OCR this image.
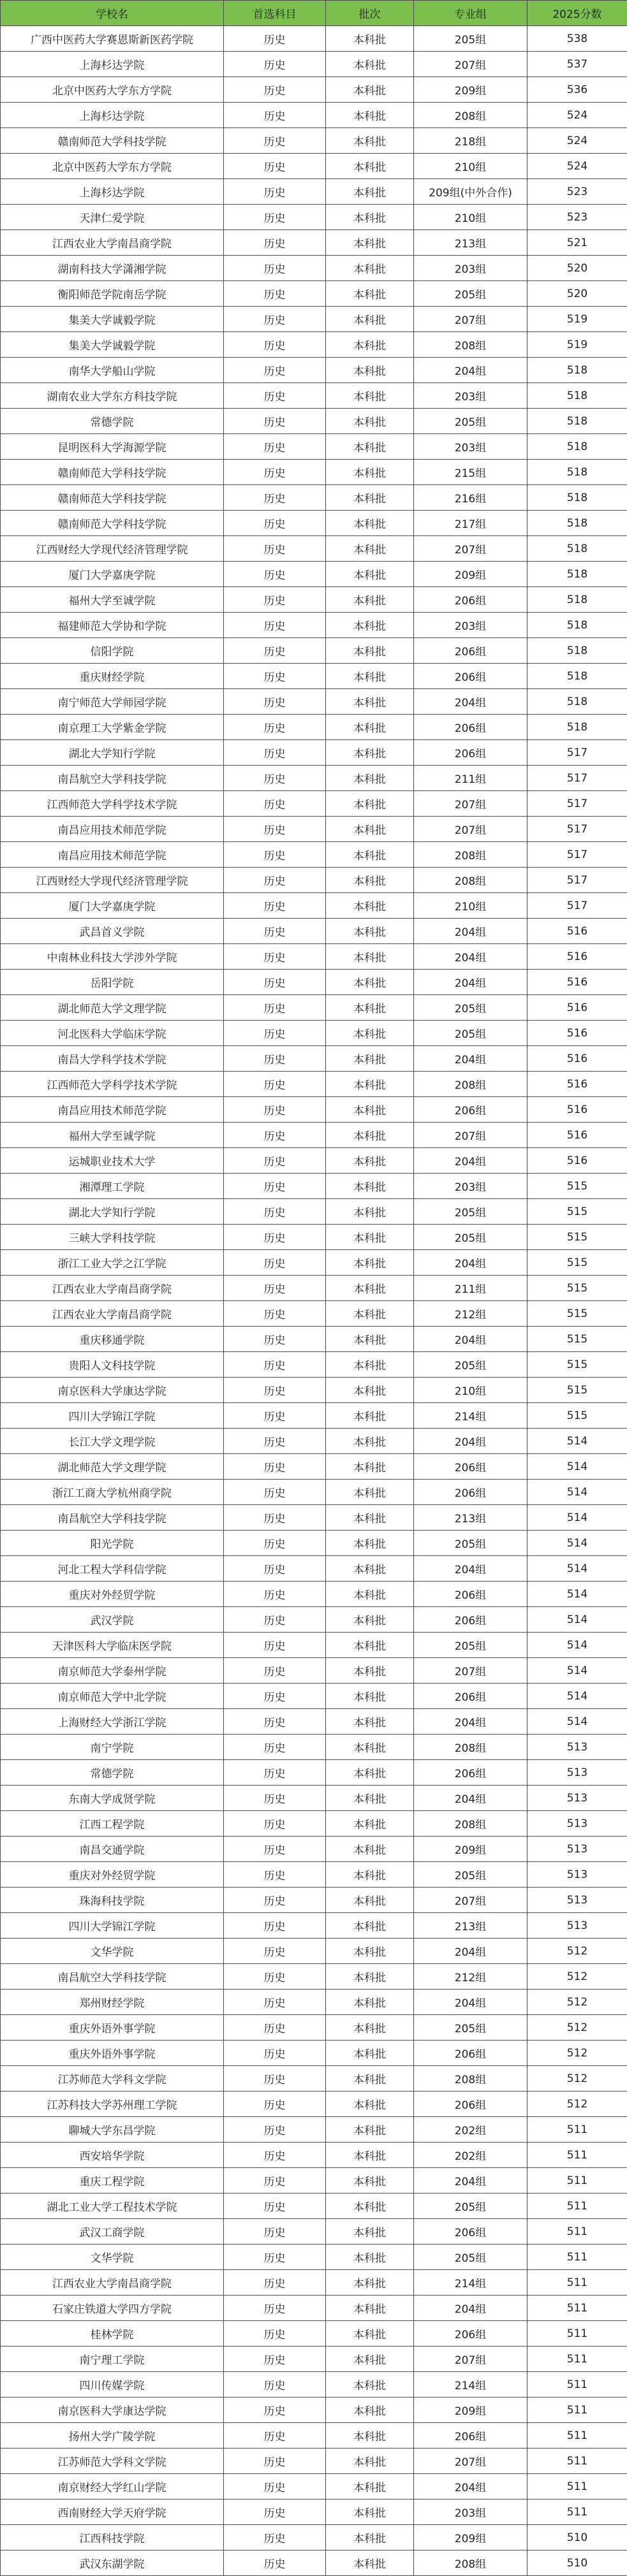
学校名	首选科目	批次	专业组	2025分数
广西中医药大学赛恩斯新医药学院	历史	本科批	205组	538
上海杉达学院	历史	本科批	207组	537
北京中医药大学东方学院	历史	本科批	209组	536
上海杉达学院	历史	本科批	208组	524
赣南师范大学科技学院	历史	本科批	218组	524
北京中医药大学东方学院	历史	本科批	210组	524
上海杉达学院	历史	本科批	209组(中外合作)	523
天津仁爱学院	历史	本科批	210组	523
江西农业大学南昌商学院	历史	本科批	213组	521
湖南科技大学潇湘学院	历史	本科批	203组	520
衡阳师范学院南岳学院	历史	本科批	205组	520
集美大学诚毅学院	历史	本科批	207组	519
集美大学诚毅学院	历史	本科批	208组	519
南华大学船山学院	历史	本科批	204组	518
湖南农业大学东方科技学院	历史	本科批	203组	518
常德学院	历史	本科批	205组	518
昆明医科大学海源学院	历史	本科批	203组	518
赣南师范大学科技学院	历史	本科批	215组	518
赣南师范大学科技学院	历史	本科批	216组	518
赣南师范大学科技学院	历史	本科批	217组	518
江西财经大学现代经济管理学院	历史	本科批	207组	518
厦门大学嘉庚学院	历史	本科批	209组	518
福州大学至诚学院	历史	本科批	206组	518
福建师范大学协和学院	历史	本科批	203组	518
信阳学院	历史	本科批	206组	518
重庆财经学院	历史	本科批	206组	518
南宁师范大学师园学院	历史	本科批	204组	518
南京理工大学紫金学院	历史	本科批	206组	518
湖北大学知行学院	历史	本科批	206组	517
南昌航空大学科技学院	历史	本科批	211组	517
江西师范大学科学技术学院	历史	本科批	207组	517
南昌应用技术师范学院	历史	本科批	207组	517
南昌应用技术师范学院	历史	本科批	208组	517
江西财经大学现代经济管理学院	历史	本科批	208组	517
厦门大学嘉庚学院	历史	本科批	210组	517
武昌首义学院	历史	本科批	204组	516
中南林业科技大学涉外学院	历史	本科批	204组	516
岳阳学院	历史	本科批	204组	516
湖北师范大学文理学院	历史	本科批	205组	516
河北医科大学临床学院	历史	本科批	205组	516
南昌大学科学技术学院	历史	本科批	204组	516
江西师范大学科学技术学院	历史	本科批	208组	516
南昌应用技术师范学院	历史	本科批	206组	516
福州大学至诚学院	历史	本科批	207组	516
运城职业技术大学	历史	本科批	204组	516
湘潭理工学院	历史	本科批	203组	515
湖北大学知行学院	历史	本科批	205组	515
三峡大学科技学院	历史	本科批	205组	515
浙江工业大学之江学院	历史	本科批	204组	515
江西农业大学南昌商学院	历史	本科批	211组	515
江西农业大学南昌商学院	历史	本科批	212组	515
重庆移通学院	历史	本科批	204组	515
贵阳人文科技学院	历史	本科批	205组	515
南京医科大学康达学院	历史	本科批	210组	515
四川大学锦江学院	历史	本科批	214组	515
长江大学文理学院	历史	本科批	204组	514
湖北师范大学文理学院	历史	本科批	206组	514
浙江工商大学杭州商学院	历史	本科批	206组	514
南昌航空大学科技学院	历史	本科批	213组	514
阳光学院	历史	本科批	205组	514
河北工程大学科信学院	历史	本科批	204组	514
重庆对外经贸学院	历史	本科批	206组	514
武汉学院	历史	本科批	206组	514
天津医科大学临床医学院	历史	本科批	205组	514
南京师范大学泰州学院	历史	本科批	207组	514
南京师范大学中北学院	历史	本科批	206组	514
上海财经大学浙江学院	历史	本科批	204组	514
南宁学院	历史	本科批	208组	513
常德学院	历史	本科批	206组	513
东南大学成贤学院	历史	本科批	204组	513
江西工程学院	历史	本科批	208组	513
南昌交通学院	历史	本科批	209组	513
重庆对外经贸学院	历史	本科批	205组	513
珠海科技学院	历史	本科批	207组	513
四川大学锦江学院	历史	本科批	213组	513
文华学院	历史	本科批	204组	512
南昌航空大学科技学院	历史	本科批	212组	512
郑州财经学院	历史	本科批	204组	512
重庆外语外事学院	历史	本科批	205组	512
重庆外语外事学院	历史	本科批	206组	512
江苏师范大学科文学院	历史	本科批	208组	512
江苏科技大学苏州理工学院	历史	本科批	206组	512
聊城大学东昌学院	历史	本科批	202组	511
西安培华学院	历史	本科批	202组	511
重庆工程学院	历史	本科批	204组	511
湖北工业大学工程技术学院	历史	本科批	205组	511
武汉工商学院	历史	本科批	206组	511
文华学院	历史	本科批	205组	511
江西农业大学南昌商学院	历史	本科批	214组	511
石家庄铁道大学四方学院	历史	本科批	204组	511
桂林学院	历史	本科批	206组	511
南宁理工学院	历史	本科批	207组	511
四川传媒学院	历史	本科批	214组	511
南京医科大学康达学院	历史	本科批	209组	511
扬州大学广陵学院	历史	本科批	206组	511
江苏师范大学科文学院	历史	本科批	207组	511
南京财经大学红山学院	历史	本科批	204组	511
西南财经大学天府学院	历史	本科批	203组	511
江西科技学院	历史	本科批	209组	510
武汉东湖学院	历史	本科批	208组	510
